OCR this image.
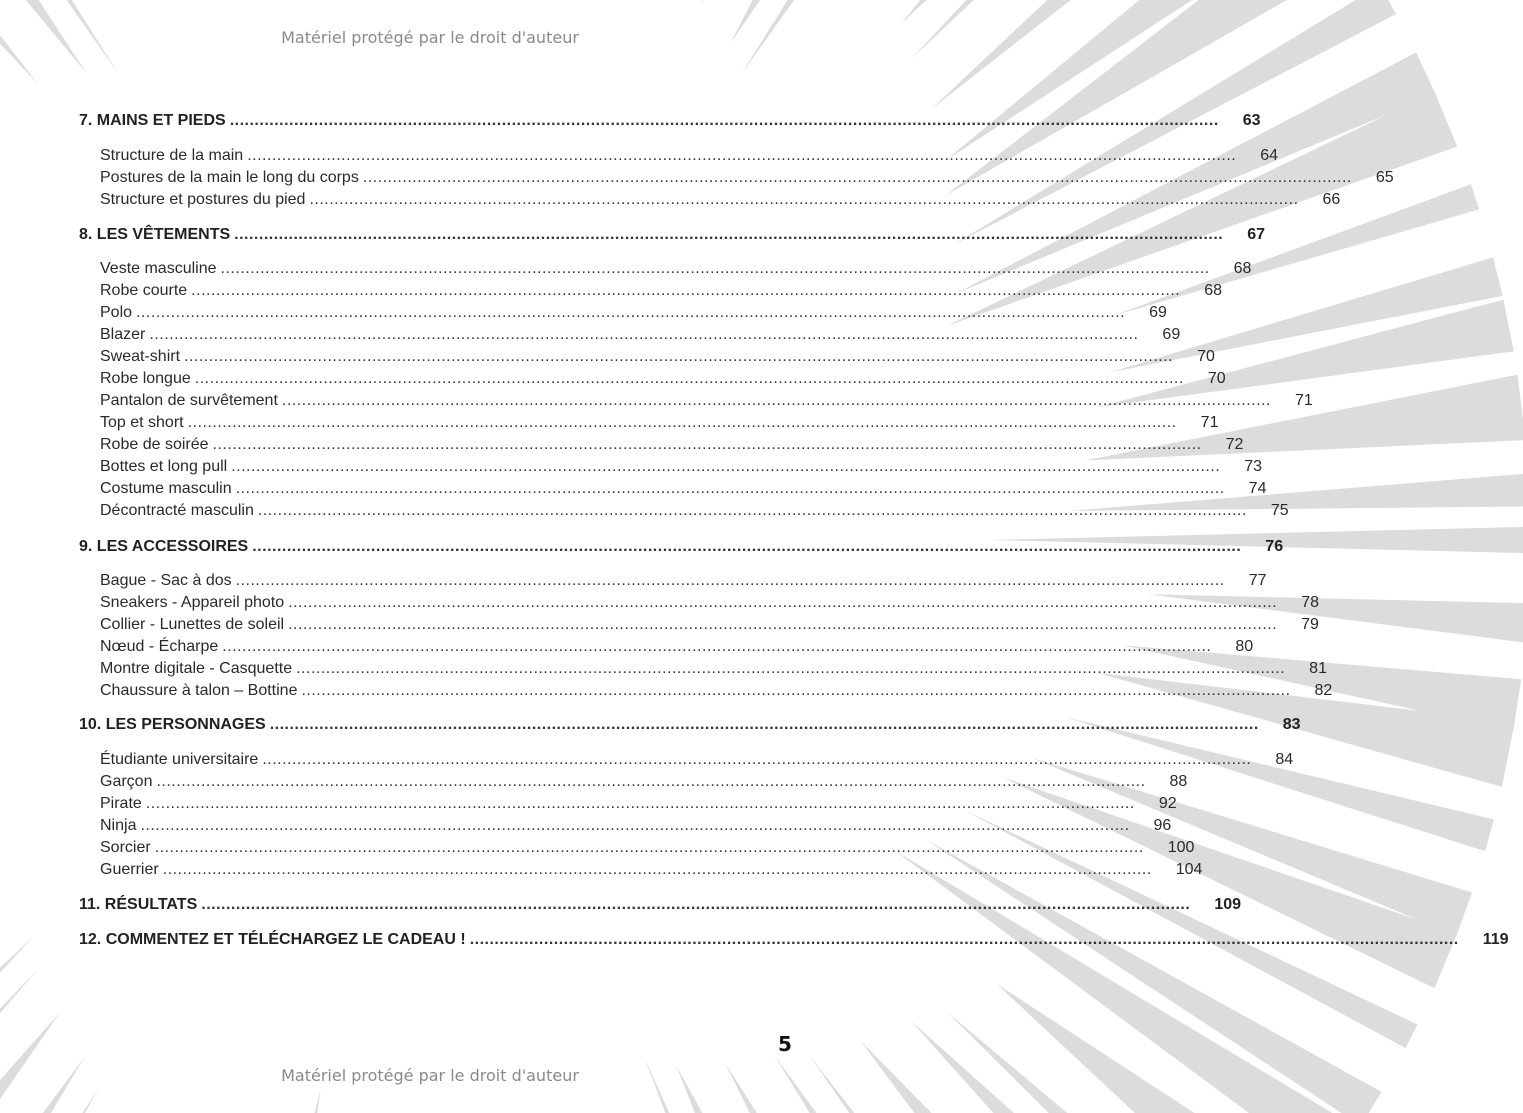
Matériel protégé par le droit d'auteur
7. MAINS ET PIEDS ........................................................................................................................................................................................................	63
Structure de la main ........................................................................................................................................................................................................	64
Postures de la main le long du corps ........................................................................................................................................................................................................	65
Structure et postures du pied ........................................................................................................................................................................................................	66
8. LES VÊTEMENTS ........................................................................................................................................................................................................	67
Veste masculine ........................................................................................................................................................................................................	68
Robe courte ........................................................................................................................................................................................................	68
Polo ........................................................................................................................................................................................................	69
Blazer ........................................................................................................................................................................................................	69
Sweat-shirt ........................................................................................................................................................................................................	70
Robe longue ........................................................................................................................................................................................................	70
Pantalon de survêtement ........................................................................................................................................................................................................	71
Top et short ........................................................................................................................................................................................................	71
Robe de soirée ........................................................................................................................................................................................................	72
Bottes et long pull ........................................................................................................................................................................................................	73
Costume masculin ........................................................................................................................................................................................................	74
Décontracté masculin ........................................................................................................................................................................................................	75
9. LES ACCESSOIRES ........................................................................................................................................................................................................	76
Bague - Sac à dos ........................................................................................................................................................................................................	77
Sneakers - Appareil photo ........................................................................................................................................................................................................	78
Collier - Lunettes de soleil ........................................................................................................................................................................................................	79
Nœud - Écharpe ........................................................................................................................................................................................................	80
Montre digitale - Casquette ........................................................................................................................................................................................................	81
Chaussure à talon – Bottine ........................................................................................................................................................................................................	82
10. LES PERSONNAGES ........................................................................................................................................................................................................	83
Étudiante universitaire ........................................................................................................................................................................................................	84
Garçon ........................................................................................................................................................................................................	88
Pirate ........................................................................................................................................................................................................	92
Ninja ........................................................................................................................................................................................................	96
Sorcier ........................................................................................................................................................................................................	100
Guerrier ........................................................................................................................................................................................................	104
11. RÉSULTATS ........................................................................................................................................................................................................	109
12. COMMENTEZ ET TÉLÉCHARGEZ LE CADEAU ! ........................................................................................................................................................................................................	119
5
Matériel protégé par le droit d'auteur
